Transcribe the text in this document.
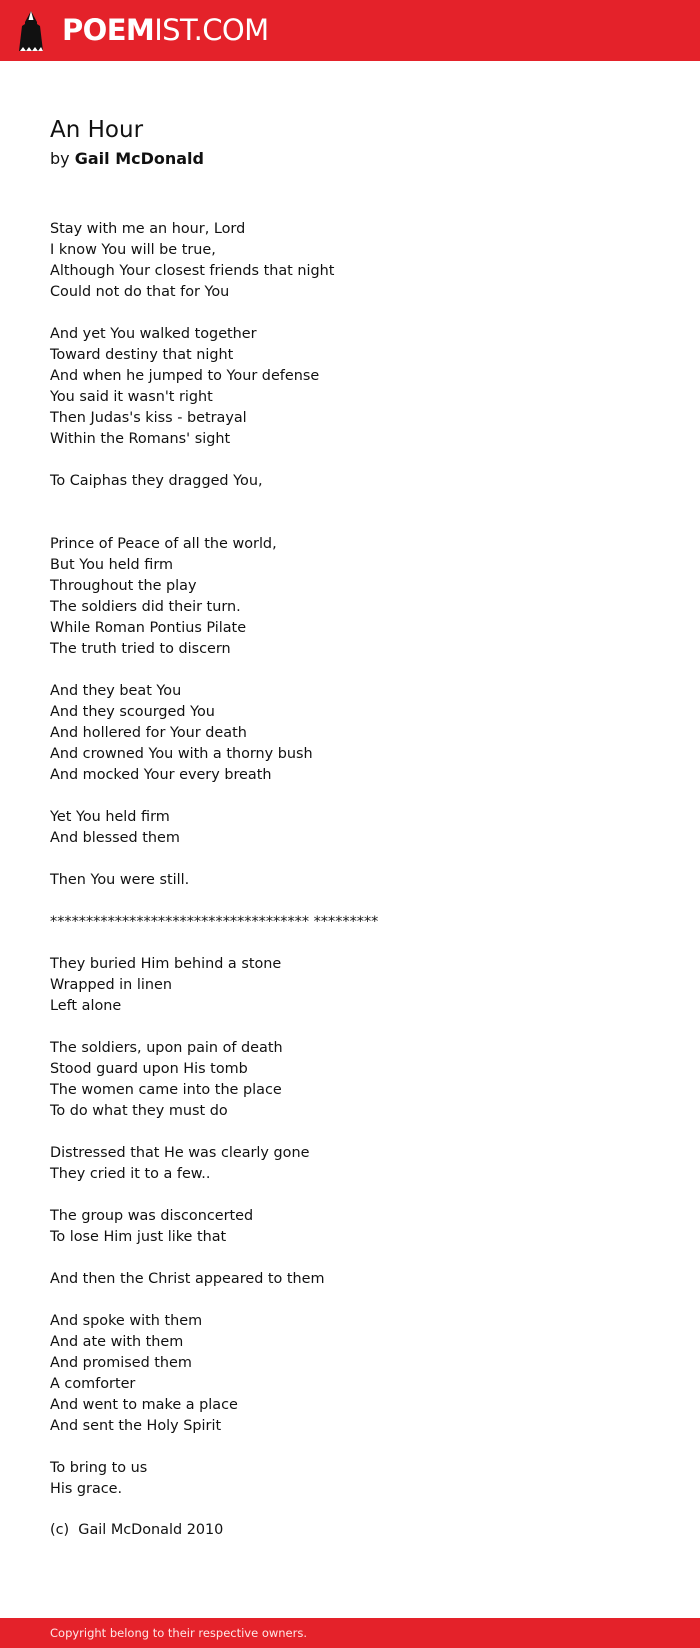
POEMIST.COM
An Hour
by Gail McDonald
Stay with me an hour, Lord
I know You will be true,
Although Your closest friends that night
Could not do that for You
And yet You walked together
Toward destiny that night
And when he jumped to Your defense
You said it wasn't right
Then Judas's kiss - betrayal
Within the Romans' sight
To Caiphas they dragged You,
Prince of Peace of all the world,
But You held firm
Throughout the play
The soldiers did their turn.
While Roman Pontius Pilate
The truth tried to discern
And they beat You
And they scourged You
And hollered for Your death
And crowned You with a thorny bush
And mocked Your every breath
Yet You held firm
And blessed them
Then You were still.
************************************ *********
They buried Him behind a stone
Wrapped in linen
Left alone
The soldiers, upon pain of death
Stood guard upon His tomb
The women came into the place
To do what they must do
Distressed that He was clearly gone
They cried it to a few..
The group was disconcerted
To lose Him just like that
And then the Christ appeared to them
And spoke with them
And ate with them
And promised them
A comforter
And went to make a place
And sent the Holy Spirit
To bring to us
His grace.
(c)  Gail McDonald 2010
Copyright belong to their respective owners.
